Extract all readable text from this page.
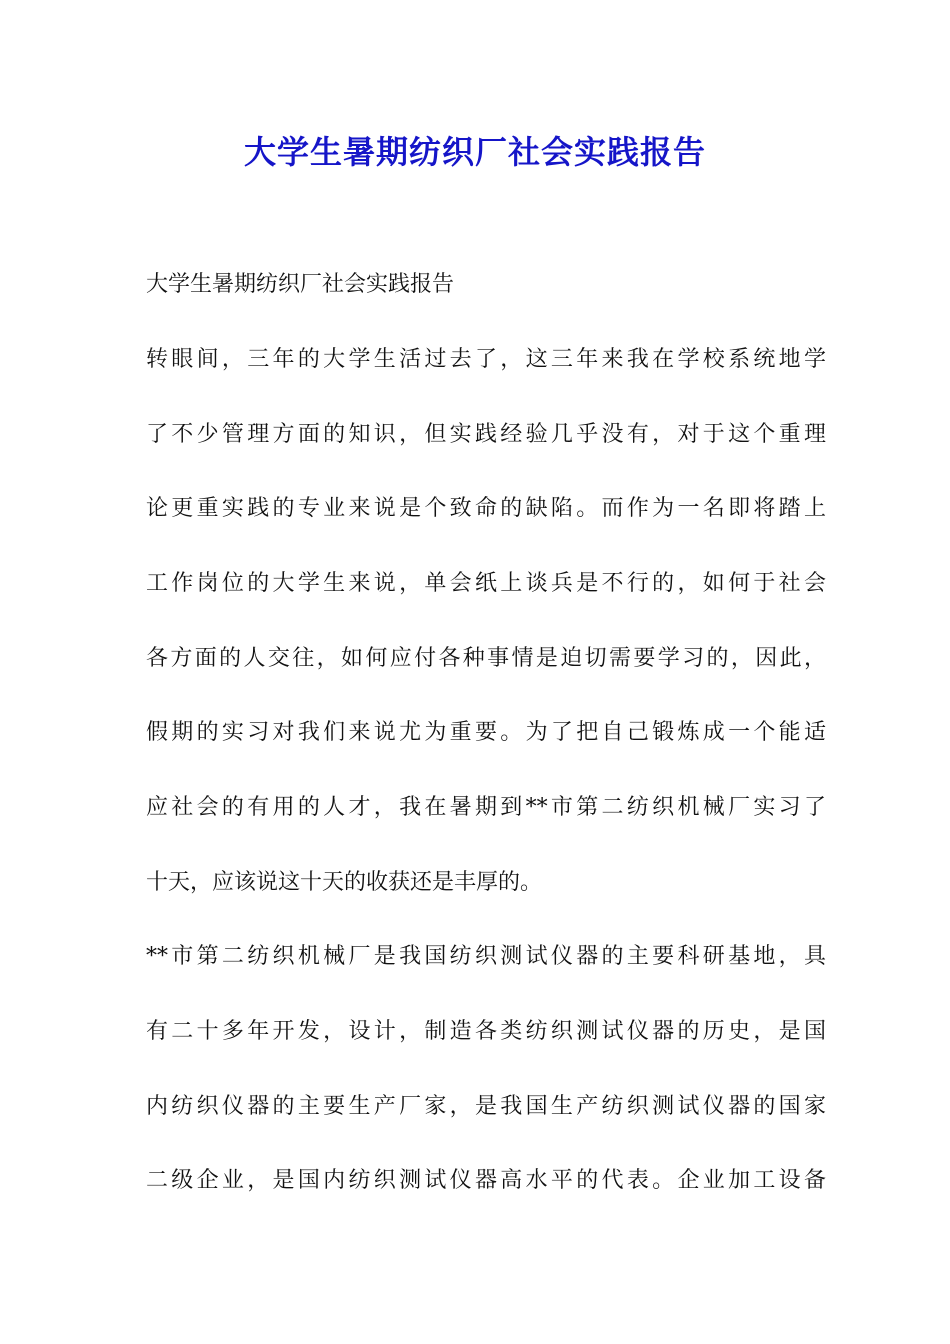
大学生暑期纺织厂社会实践报告

大学生暑期纺织厂社会实践报告

转眼间，三年的大学生活过去了，这三年来我在学校系统地学

了不少管理方面的知识，但实践经验几乎没有，对于这个重理

论更重实践的专业来说是个致命的缺陷。而作为一名即将踏上

工作岗位的大学生来说，单会纸上谈兵是不行的，如何于社会

各方面的人交往，如何应付各种事情是迫切需要学习的，因此，

假期的实习对我们来说尤为重要。为了把自己锻炼成一个能适

应社会的有用的人才，我在暑期到**市第二纺织机械厂实习了

十天，应该说这十天的收获还是丰厚的。

**市第二纺织机械厂是我国纺织测试仪器的主要科研基地，具

有二十多年开发，设计，制造各类纺织测试仪器的历史，是国

内纺织仪器的主要生产厂家，是我国生产纺织测试仪器的国家

二级企业，是国内纺织测试仪器高水平的代表。企业加工设备
